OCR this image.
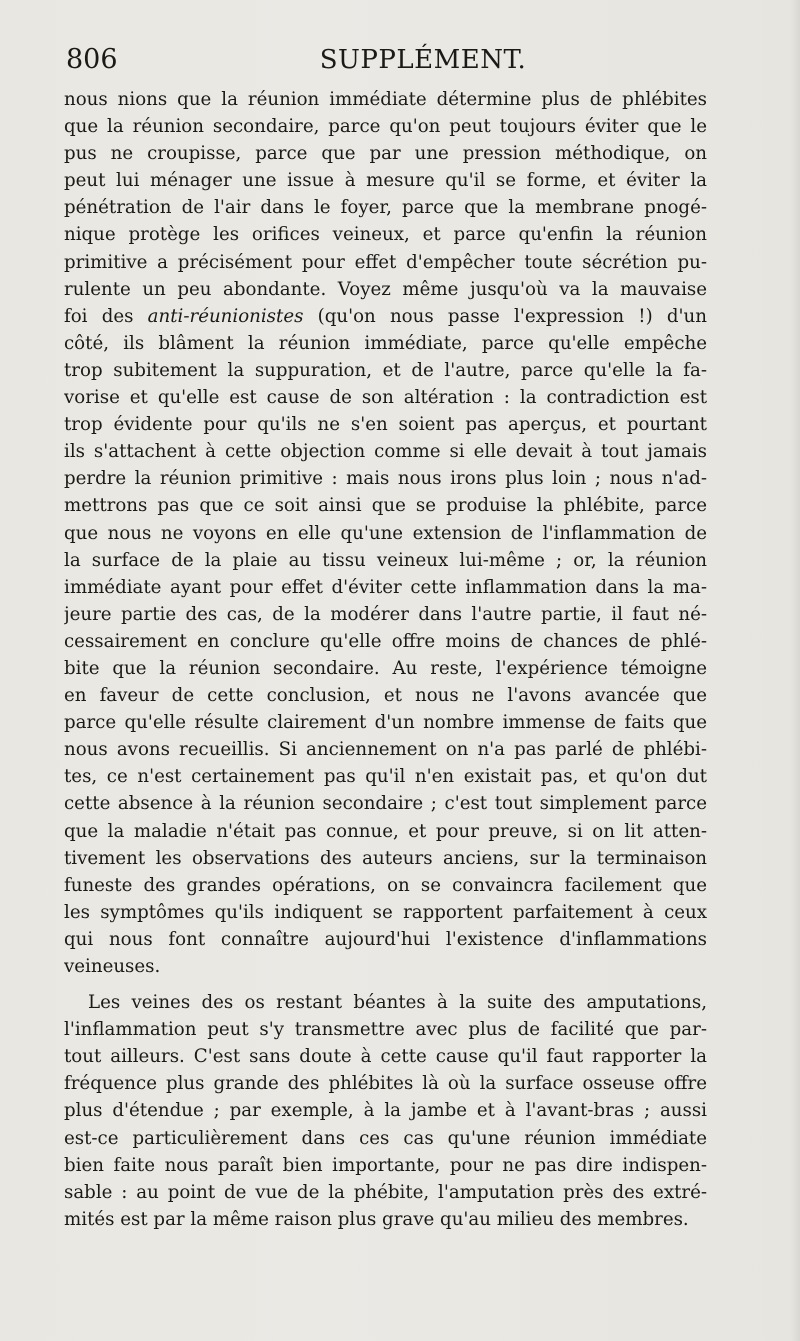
806	SUPPLÉMENT.
nous nions que la réunion immédiate détermine plus de phlébites
que la réunion secondaire, parce qu'on peut toujours éviter que le
pus ne croupisse, parce que par une pression méthodique, on
peut lui ménager une issue à mesure qu'il se forme, et éviter la
pénétration de l'air dans le foyer, parce que la membrane pnogé-
nique protège les orifices veineux, et parce qu'enfin la réunion
primitive a précisément pour effet d'empêcher toute sécrétion pu-
rulente un peu abondante. Voyez même jusqu'où va la mauvaise
foi des anti-réunionistes (qu'on nous passe l'expression !) d'un
côté, ils blâment la réunion immédiate, parce qu'elle empêche
trop subitement la suppuration, et de l'autre, parce qu'elle la fa-
vorise et qu'elle est cause de son altération : la contradiction est
trop évidente pour qu'ils ne s'en soient pas aperçus, et pourtant
ils s'attachent à cette objection comme si elle devait à tout jamais
perdre la réunion primitive : mais nous irons plus loin ; nous n'ad-
mettrons pas que ce soit ainsi que se produise la phlébite, parce
que nous ne voyons en elle qu'une extension de l'inflammation de
la surface de la plaie au tissu veineux lui-même ; or, la réunion
immédiate ayant pour effet d'éviter cette inflammation dans la ma-
jeure partie des cas, de la modérer dans l'autre partie, il faut né-
cessairement en conclure qu'elle offre moins de chances de phlé-
bite que la réunion secondaire. Au reste, l'expérience témoigne
en faveur de cette conclusion, et nous ne l'avons avancée que
parce qu'elle résulte clairement d'un nombre immense de faits que
nous avons recueillis. Si anciennement on n'a pas parlé de phlébi-
tes, ce n'est certainement pas qu'il n'en existait pas, et qu'on dut
cette absence à la réunion secondaire ; c'est tout simplement parce
que la maladie n'était pas connue, et pour preuve, si on lit atten-
tivement les observations des auteurs anciens, sur la terminaison
funeste des grandes opérations, on se convaincra facilement que
les symptômes qu'ils indiquent se rapportent parfaitement à ceux
qui nous font connaître aujourd'hui l'existence d'inflammations
veineuses.
Les veines des os restant béantes à la suite des amputations,
l'inflammation peut s'y transmettre avec plus de facilité que par-
tout ailleurs. C'est sans doute à cette cause qu'il faut rapporter la
fréquence plus grande des phlébites là où la surface osseuse offre
plus d'étendue ; par exemple, à la jambe et à l'avant-bras ; aussi
est-ce particulièrement dans ces cas qu'une réunion immédiate
bien faite nous paraît bien importante, pour ne pas dire indispen-
sable : au point de vue de la phébite, l'amputation près des extré-
mités est par la même raison plus grave qu'au milieu des membres.
